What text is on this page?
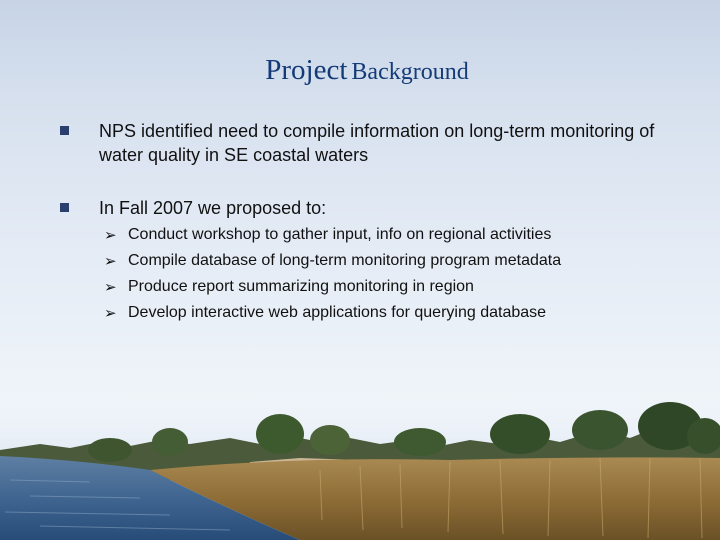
Project Background
NPS identified need to compile information on long-term monitoring of water quality in SE coastal waters
In Fall 2007 we proposed to:
➢ Conduct workshop to gather input, info on regional activities
➢ Compile database of long-term monitoring program metadata
➢ Produce report summarizing monitoring in region
➢ Develop interactive web applications for querying database
